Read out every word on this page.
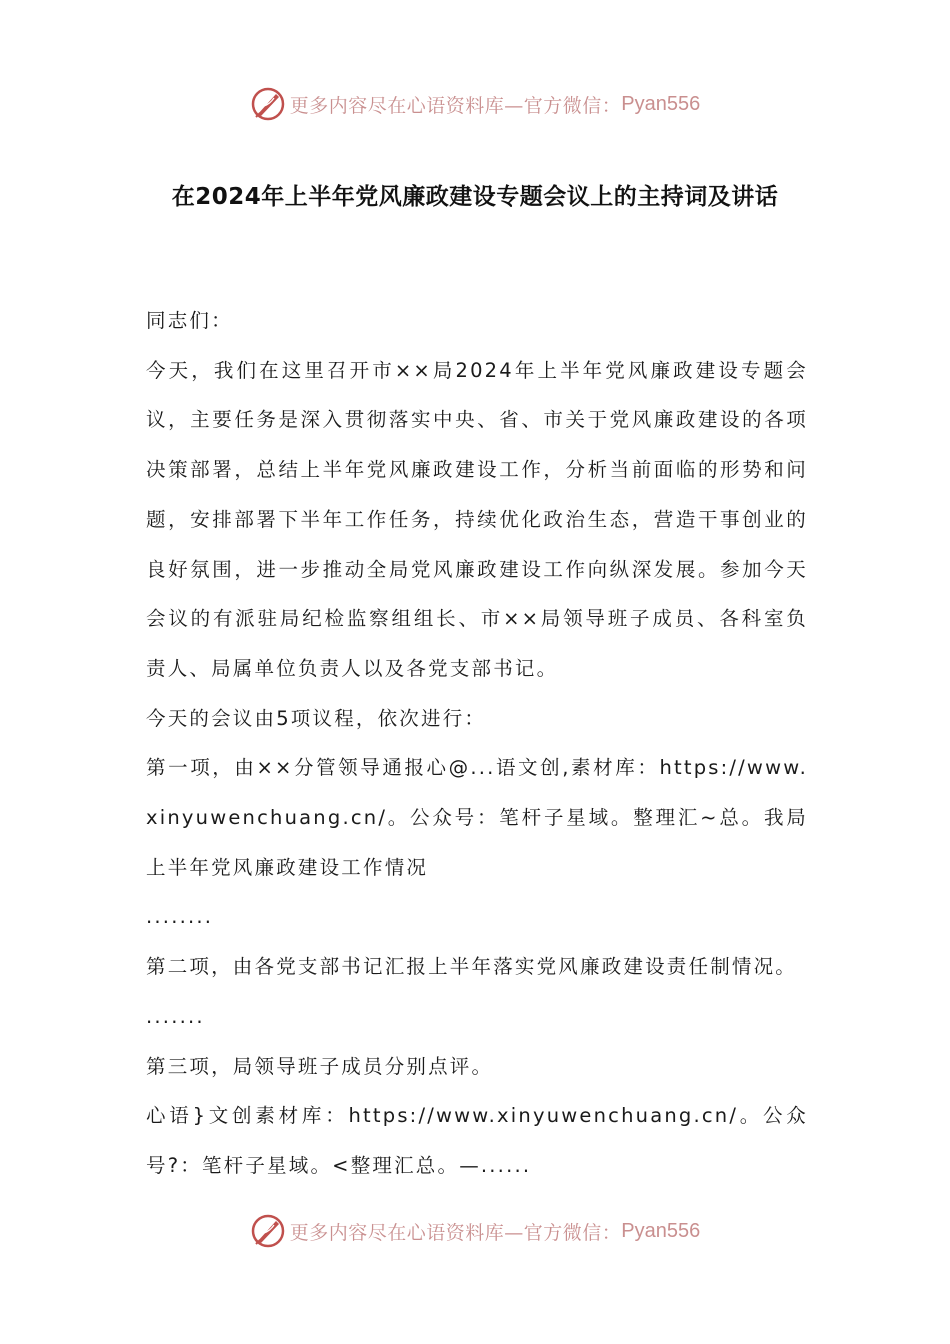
更多内容尽在心语资料库—官方微信： Pyan556
在2024年上半年党风廉政建设专题会议上的主持词及讲话

同志们：

今天，我们在这里召开市××局2024年上半年党风廉政建设专题会议，主要任务是深入贯彻落实中央、省、市关于党风廉政建设的各项决策部署，总结上半年党风廉政建设工作，分析当前面临的形势和问题，安排部署下半年工作任务，持续优化政治生态，营造干事创业的良好氛围，进一步推动全局党风廉政建设工作向纵深发展。参加今天会议的有派驻局纪检监察组组长、市××局领导班子成员、各科室负责人、局属单位负责人以及各党支部书记。

今天的会议由5项议程，依次进行：

第一项，由××分管领导通报心@...语文创,素材库：https://www.xinyuwenchuang.cn/。公众号：笔杆子星域。整理汇~总。我局上半年党风廉政建设工作情况

........

第二项，由各党支部书记汇报上半年落实党风廉政建设责任制情况。

.......

第三项，局领导班子成员分别点评。

心语}文创素材库：https://www.xinyuwenchuang.cn/。公众号?：笔杆子星域。<整理汇总。—......

更多内容尽在心语资料库—官方微信： Pyan556
